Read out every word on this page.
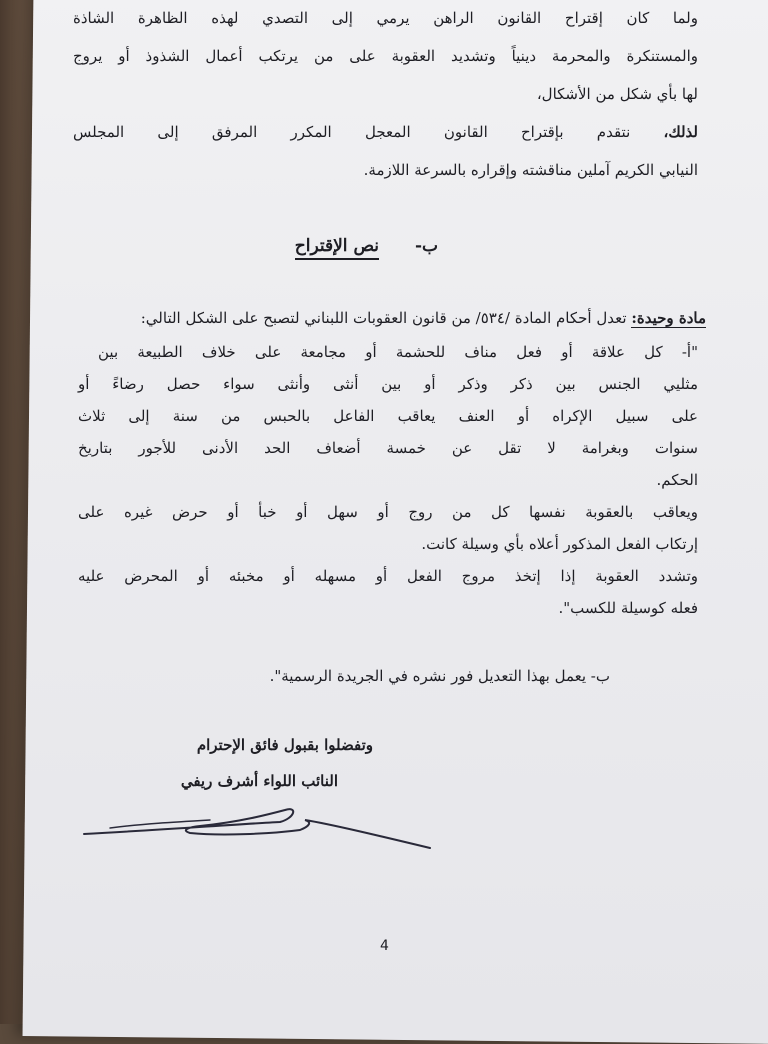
ولما كان إقتراح القانون الراهن يرمي إلى التصدي لهذه الظاهرة الشاذة
والمستنكرة والمحرمة دينياً وتشديد العقوبة على من يرتكب أعمال الشذوذ أو يروج
لها بأي شكل من الأشكال،
لذلك، نتقدم بإقتراح القانون المعجل المكرر المرفق إلى المجلس
النيابي الكريم آملين مناقشته وإقراره بالسرعة اللازمة.
ب- نص الإقتراح
مادة وحيدة: تعدل أحكام المادة /٥٣٤/ من قانون العقوبات اللبناني لتصبح على الشكل التالي:
"أ- كل علاقة أو فعل مناف للحشمة أو مجامعة على خلاف الطبيعة بين
مثليي الجنس بين ذكر وذكر أو بين أنثى وأنثى سواء حصل رضاءً أو
على سبيل الإكراه أو العنف يعاقب الفاعل بالحبس من سنة إلى ثلاث
سنوات وبغرامة لا تقل عن خمسة أضعاف الحد الأدنى للأجور بتاريخ
الحكم.
ويعاقب بالعقوبة نفسها كل من روج أو سهل أو خبأ أو حرض غيره على
إرتكاب الفعل المذكور أعلاه بأي وسيلة كانت.
وتشدد العقوبة إذا إتخذ مروج الفعل أو مسهله أو مخبئه أو المحرض عليه
فعله كوسيلة للكسب".
ب- يعمل بهذا التعديل فور نشره في الجريدة الرسمية".
وتفضلوا بقبول فائق الإحترام
النائب اللواء أشرف ريفي
4
